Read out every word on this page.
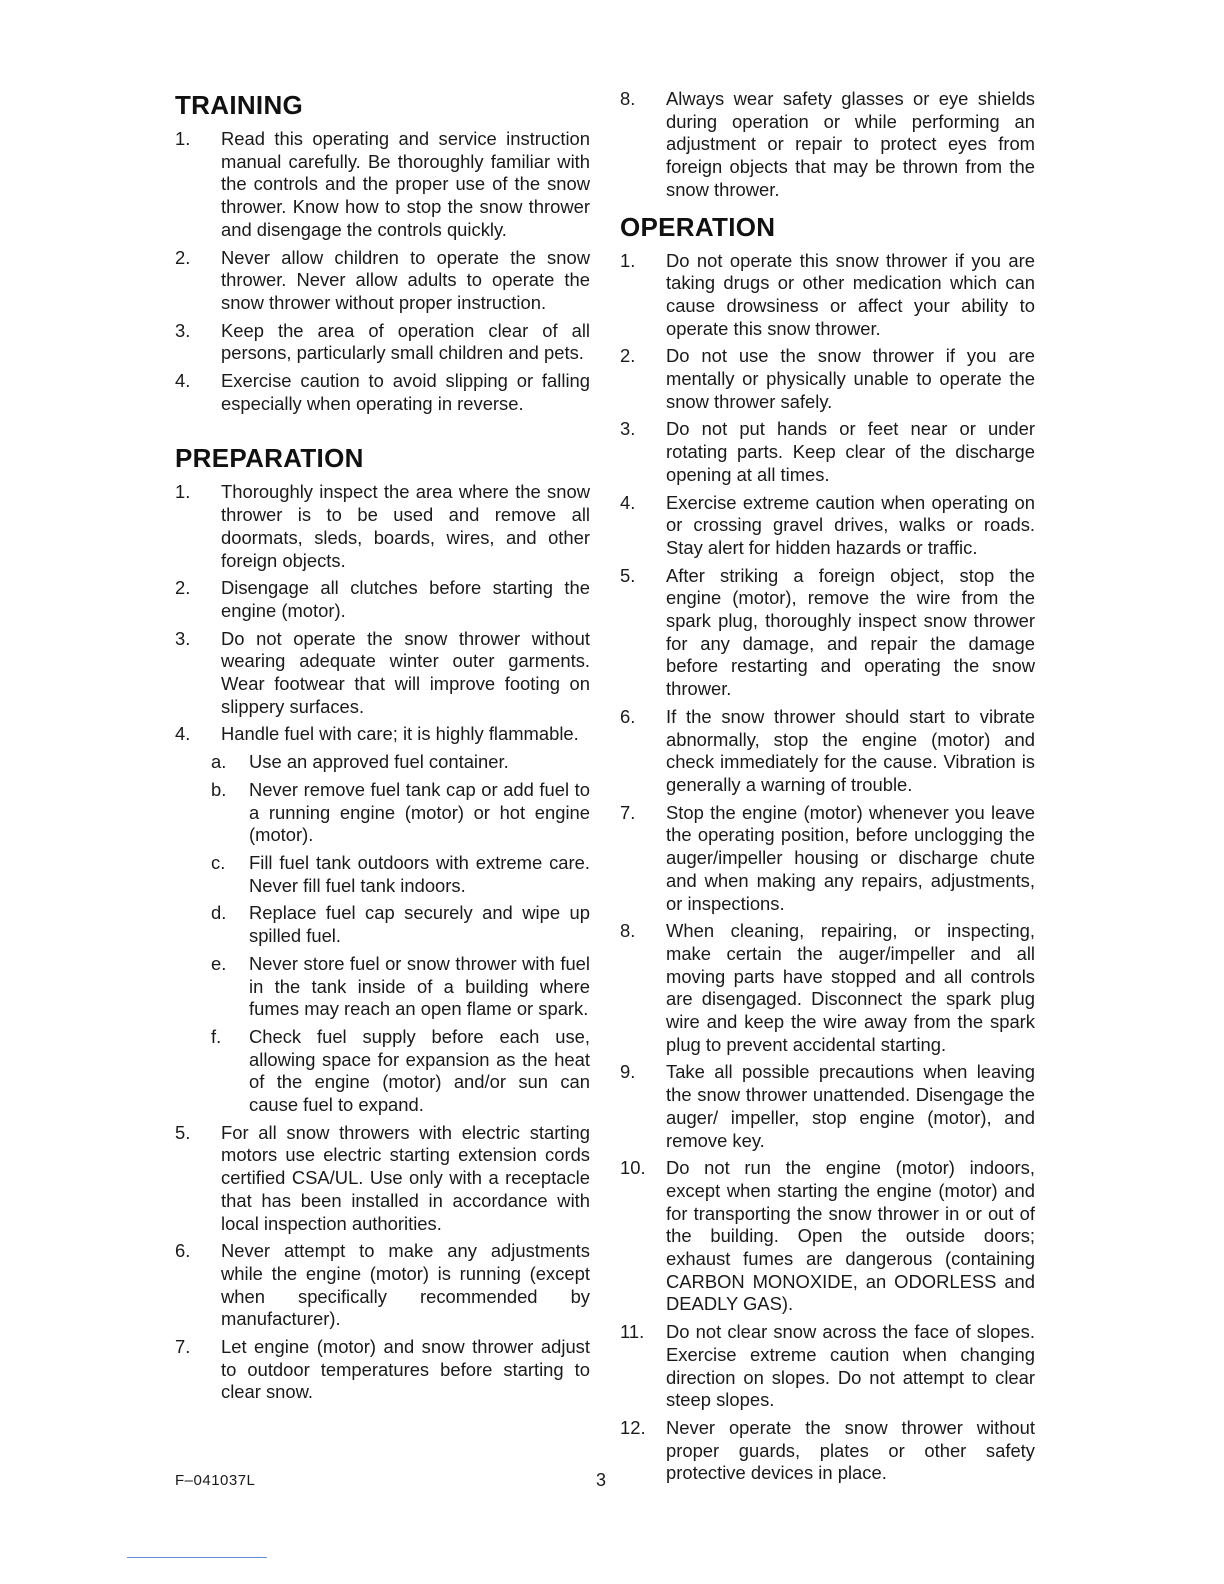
TRAINING
1. Read this operating and service instruction manual carefully. Be thoroughly familiar with the controls and the proper use of the snow thrower. Know how to stop the snow thrower and disengage the controls quickly.
2. Never allow children to operate the snow thrower. Never allow adults to operate the snow thrower without proper instruction.
3. Keep the area of operation clear of all persons, particularly small children and pets.
4. Exercise caution to avoid slipping or falling especially when operating in reverse.
PREPARATION
1. Thoroughly inspect the area where the snow thrower is to be used and remove all doormats, sleds, boards, wires, and other foreign objects.
2. Disengage all clutches before starting the engine (motor).
3. Do not operate the snow thrower without wearing adequate winter outer garments. Wear footwear that will improve footing on slippery surfaces.
4. Handle fuel with care; it is highly flammable.
a. Use an approved fuel container.
b. Never remove fuel tank cap or add fuel to a running engine (motor) or hot engine (motor).
c. Fill fuel tank outdoors with extreme care. Never fill fuel tank indoors.
d. Replace fuel cap securely and wipe up spilled fuel.
e. Never store fuel or snow thrower with fuel in the tank inside of a building where fumes may reach an open flame or spark.
f. Check fuel supply before each use, allowing space for expansion as the heat of the engine (motor) and/or sun can cause fuel to expand.
5. For all snow throwers with electric starting motors use electric starting extension cords certified CSA/UL. Use only with a receptacle that has been installed in accordance with local inspection authorities.
6. Never attempt to make any adjustments while the engine (motor) is running (except when specifically recommended by manufacturer).
7. Let engine (motor) and snow thrower adjust to outdoor temperatures before starting to clear snow.
8. Always wear safety glasses or eye shields during operation or while performing an adjustment or repair to protect eyes from foreign objects that may be thrown from the snow thrower.
OPERATION
1. Do not operate this snow thrower if you are taking drugs or other medication which can cause drowsiness or affect your ability to operate this snow thrower.
2. Do not use the snow thrower if you are mentally or physically unable to operate the snow thrower safely.
3. Do not put hands or feet near or under rotating parts. Keep clear of the discharge opening at all times.
4. Exercise extreme caution when operating on or crossing gravel drives, walks or roads. Stay alert for hidden hazards or traffic.
5. After striking a foreign object, stop the engine (motor), remove the wire from the spark plug, thoroughly inspect snow thrower for any damage, and repair the damage before restarting and operating the snow thrower.
6. If the snow thrower should start to vibrate abnormally, stop the engine (motor) and check immediately for the cause. Vibration is generally a warning of trouble.
7. Stop the engine (motor) whenever you leave the operating position, before unclogging the auger/impeller housing or discharge chute and when making any repairs, adjustments, or inspections.
8. When cleaning, repairing, or inspecting, make certain the auger/impeller and all moving parts have stopped and all controls are disengaged. Disconnect the spark plug wire and keep the wire away from the spark plug to prevent accidental starting.
9. Take all possible precautions when leaving the snow thrower unattended. Disengage the auger/ impeller, stop engine (motor), and remove key.
10. Do not run the engine (motor) indoors, except when starting the engine (motor) and for transporting the snow thrower in or out of the building. Open the outside doors; exhaust fumes are dangerous (containing CARBON MONOXIDE, an ODORLESS and DEADLY GAS).
11. Do not clear snow across the face of slopes. Exercise extreme caution when changing direction on slopes. Do not attempt to clear steep slopes.
12. Never operate the snow thrower without proper guards, plates or other safety protective devices in place.
F–041037L	3
